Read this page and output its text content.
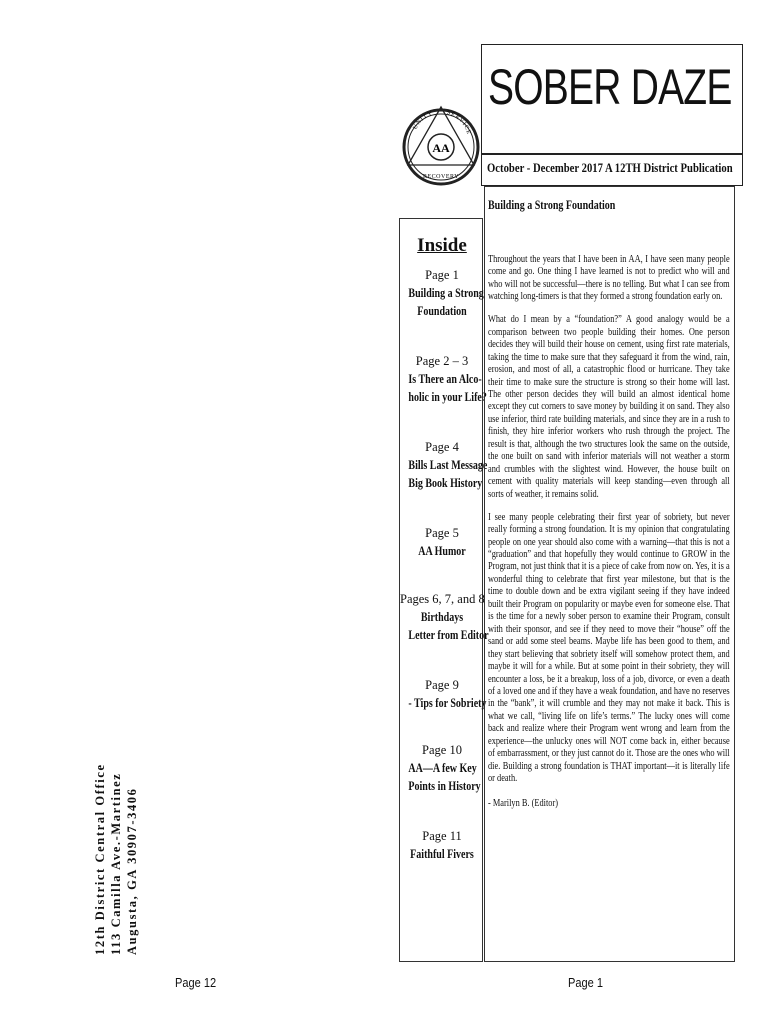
12th District Central Office 113 Camilla Ave.-Martinez Augusta, GA 30907-3406
AA
UNITY SERVICE
RECOVERY
SOBER DAZE
October - December 2017 A 12TH District Publication
Inside
Page 1
Building a Strong
Foundation
Page 2 – 3
Is There an Alco-
holic in your Life?
Page 4
Bills Last Message
Big Book History
Page 5
AA Humor
Pages 6, 7, and 8
Birthdays
Letter from Editor
Page 9
- Tips for Sobriety
Page 10
AA—A few Key
Points in History
Page 11
Faithful Fivers
Building a Strong Foundation

Throughout the years that I have been in AA, I have seen many people come and go. One thing I have learned is not to predict who will and who will not be successful—there is no telling. But what I can see from watching long-timers is that they formed a strong foundation early on.

What do I mean by a “foundation?” A good analogy would be a comparison between two people building their homes. One person decides they will build their house on cement, using first rate materials, taking the time to make sure that they safeguard it from the wind, rain, erosion, and most of all, a catastrophic flood or hurricane. They take their time to make sure the structure is strong so their home will last. The other person decides they will build an almost identical home except they cut corners to save money by building it on sand. They also use inferior, third rate building materials, and since they are in a rush to finish, they hire inferior workers who rush through the project. The result is that, although the two structures look the same on the outside, the one built on sand with inferior materials will not weather a storm and crumbles with the slightest wind. However, the house built on cement with quality materials will keep standing—even through all sorts of weather, it remains solid.

I see many people celebrating their first year of sobriety, but never really forming a strong foundation. It is my opinion that congratulating people on one year should also come with a warning—that this is not a “graduation” and that hopefully they would continue to GROW in the Program, not just think that it is a piece of cake from now on. Yes, it is a wonderful thing to celebrate that first year milestone, but that is the time to double down and be extra vigilant seeing if they have indeed built their Program on popularity or maybe even for someone else. That is the time for a newly sober person to examine their Program, consult with their sponsor, and see if they need to move their “house” off the sand or add some steel beams. Maybe life has been good to them, and they start believing that sobriety itself will somehow protect them, and maybe it will for a while. But at some point in their sobriety, they will encounter a loss, be it a breakup, loss of a job, divorce, or even a death of a loved one and if they have a weak foundation, and have no reserves in the “bank”, it will crumble and they may not make it back. This is what we call, “living life on life’s terms.” The lucky ones will come back and realize where their Program went wrong and learn from the experience—the unlucky ones will NOT come back in, either because of embarrassment, or they just cannot do it. Those are the ones who will die. Building a strong foundation is THAT important—it is literally life or death.

- Marilyn B. (Editor)

Page 12	Page 1
